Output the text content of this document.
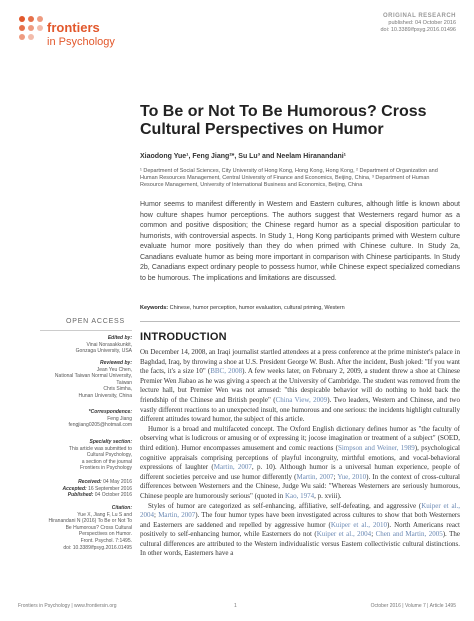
frontiers
in Psychology
ORIGINAL RESEARCH
published: 04 October 2016
doi: 10.3389/fpsyg.2016.01496
To Be or Not To Be Humorous? Cross Cultural Perspectives on Humor
Xiaodong Yue¹, Feng Jiang²*, Su Lu³ and Neelam Hiranandani¹
¹ Department of Social Sciences, City University of Hong Kong, Hong Kong, Hong Kong, ² Department of Organization and
Human Resources Management, Central University of Finance and Economics, Beijing, China, ³ Department of Human
Resource Management, University of International Business and Economics, Beijing, China
Humor seems to manifest differently in Western and Eastern cultures, although little is known about how culture shapes humor perceptions. The authors suggest that Westerners regard humor as a common and positive disposition; the Chinese regard humor as a special disposition particular to humorists, with controversial aspects. In Study 1, Hong Kong participants primed with Western culture evaluate humor more positively than they do when primed with Chinese culture. In Study 2a, Canadians evaluate humor as being more important in comparison with Chinese participants. In Study 2b, Canadians expect ordinary people to possess humor, while Chinese expect specialized comedians to be humorous. The implications and limitations are discussed.
Keywords: Chinese, humor perception, humor evaluation, cultural priming, Western
OPEN ACCESS
Edited by:
Vinai Norasakkunkit,
Gonzaga University, USA
Reviewed by:
Jean Yeu Chen,
National Taiwan Normal University,
Taiwan
Chris Simha,
Hunan University, China
*Correspondence:
Feng Jiang
fengjiang0205@hotmail.com
Specialty section:
This article was submitted to
Cultural Psychology,
a section of the journal
Frontiers in Psychology
Received: 04 May 2016
Accepted: 16 September 2016
Published: 04 October 2016
Citation:
Yue X, Jiang F, Lu S and
Hiranandani N (2016) To Be or Not To
Be Humorous? Cross Cultural
Perspectives on Humor.
Front. Psychol. 7:1495.
doi: 10.3389/fpsyg.2016.01495
INTRODUCTION

On December 14, 2008, an Iraqi journalist startled attendees at a press conference at the prime minister's palace in Baghdad, Iraq, by throwing a shoe at U.S. President George W. Bush. After the incident, Bush joked: "If you want the facts, it's a size 10" (BBC, 2008). A few weeks later, on February 2, 2009, a student threw a shoe at Chinese Premier Wen Jiabao as he was giving a speech at the University of Cambridge. The student was removed from the lecture hall, but Premier Wen was not amused: "this despicable behavior will do nothing to hold back the friendship of the Chinese and British people" (China View, 2009). Two leaders, Western and Chinese, and two vastly different reactions to an unexpected insult, one humorous and one serious: the incidents highlight culturally different attitudes toward humor, the subject of this article.

Humor is a broad and multifaceted concept. The Oxford English dictionary defines humor as "the faculty of observing what is ludicrous or amusing or of expressing it; jocose imagination or treatment of a subject" (SOED, third edition). Humor encompasses amusement and comic reactions (Simpson and Weiner, 1989), psychological cognitive appraisals comprising perceptions of playful incongruity, mirthful emotions, and vocal-behavioral expressions of laughter (Martin, 2007, p. 10). Although humor is a universal human experience, people of different societies perceive and use humor differently (Martin, 2007; Yue, 2010). In the context of cross-cultural differences between Westerners and the Chinese, Judge Wu said: "Whereas Westerners are seriously humorous, Chinese people are humorously serious" (quoted in Kao, 1974, p. xviii).

Styles of humor are categorized as self-enhancing, affiliative, self-defeating, and aggressive (Kuiper et al., 2004; Martin, 2007). The four humor types have been investigated across cultures to show that both Westerners and Easterners are saddened and repelled by aggressive humor (Kuiper et al., 2010). North Americans react positively to self-enhancing humor, while Easterners do not (Kuiper et al., 2004; Chen and Martin, 2005). The cultural differences are attributed to the Western individualistic versus Eastern collectivistic cultural distinctions. In other words, Easterners have a

Frontiers in Psychology | www.frontiersin.org	1	October 2016 | Volume 7 | Article 1495
